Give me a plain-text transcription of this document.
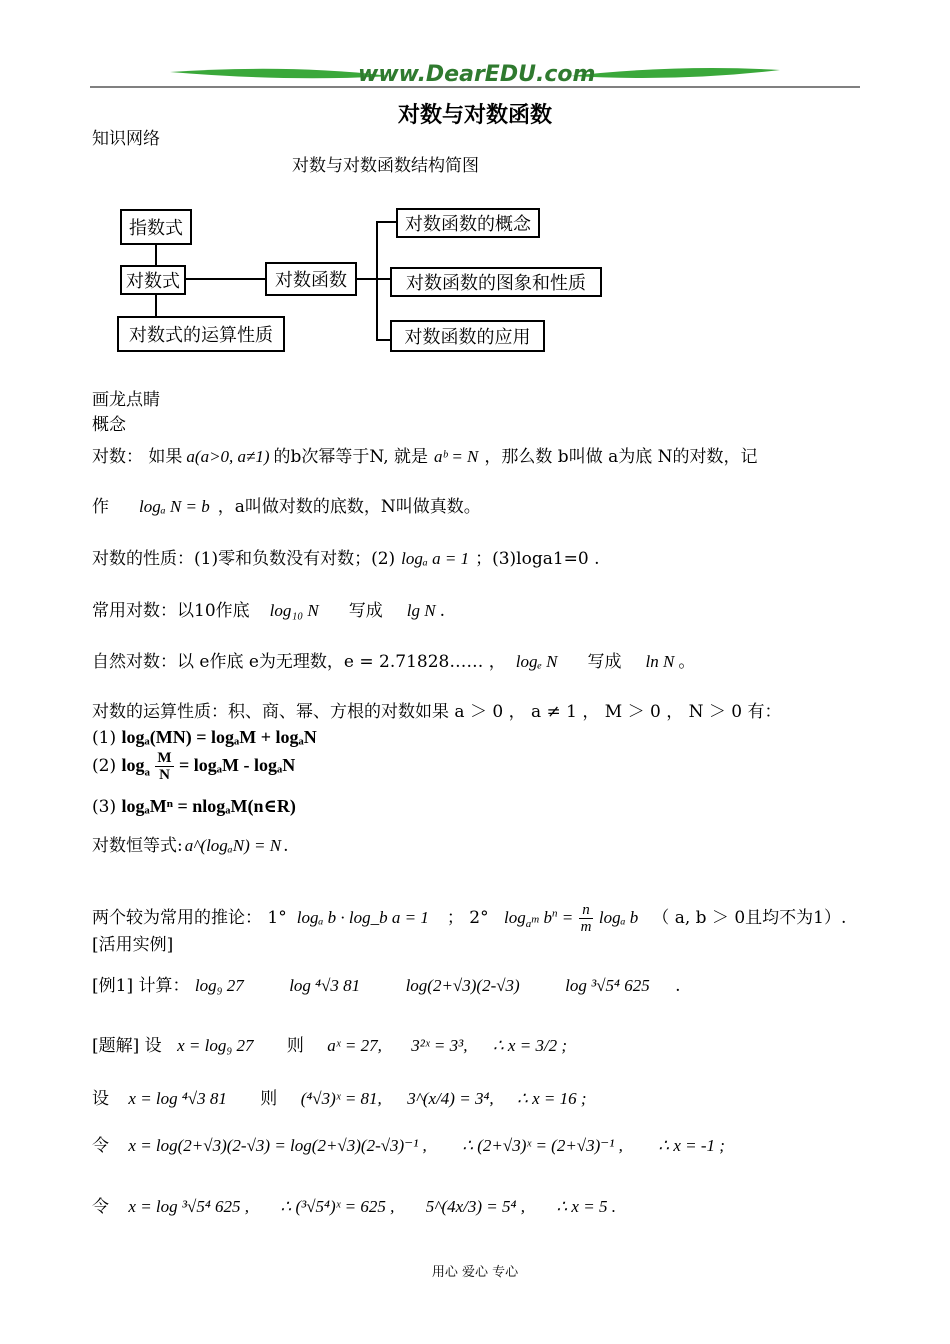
www.DearEDU.com
对数与对数函数
知识网络
对数与对数函数结构简图
指数式
对数式
对数式的运算性质
对数函数
对数函数的概念
对数函数的图象和性质
对数函数的应用
画龙点睛
概念
对数： 如果 a(a>0, a≠1) 的b次幂等于N, 就是 aᵇ = N ，那么数 b叫做 a为底 N的对数，记
作 logₐ N = b ，a叫做对数的底数，N叫做真数。
对数的性质：(1)零和负数没有对数；(2) logₐ a = 1 ；(3)loga1=0 .
常用对数：以10作底 log₁₀ N 写成 lg N .
自然对数：以 e作底 e为无理数，e = 2.71828…… ， logₑ N 写成 ln N 。
对数的运算性质：积、商、幂、方根的对数如果 a ＞ 0 ， a ≠ 1 ， M ＞ 0 ， N ＞ 0 有：
(1) logₐ(MN) = logₐM + logₐN
(2) $\log_a \frac{M}{N} = \log_aM - \log_aN$
(3) logₐMⁿ = nlogₐM(n∈R)
对数恒等式: a^(logₐN) = N .
两个较为常用的推论： 1° logₐ b · log_b a = 1 ； 2° $\log_{a^m} b^n = \frac{n}{m}$ logₐ b （ a, b ＞ 0且均不为1）.
[活用实例]
[例1] 计算： log₉ 27	log ⁴√3 81	log(2+√3)(2-√3)	log ³√5⁴ 625 .
[题解] 设 x = log₉ 27 则 aˣ = 27, 3²ˣ = 3³, ∴ x = 3/2 ;
设 x = log ⁴√3 81 则 (⁴√3)ˣ = 81, 3^(x/4) = 3⁴, ∴ x = 16 ;
令 x = log(2+√3)(2-√3) = log(2+√3)(2-√3)⁻¹ , ∴ (2+√3)ˣ = (2+√3)⁻¹ , ∴ x = -1 ;
令 x = log ³√5⁴ 625 , ∴ (³√5⁴)ˣ = 625 , 5^(4x/3) = 5⁴ , ∴ x = 5 .
用心 爱心 专心
